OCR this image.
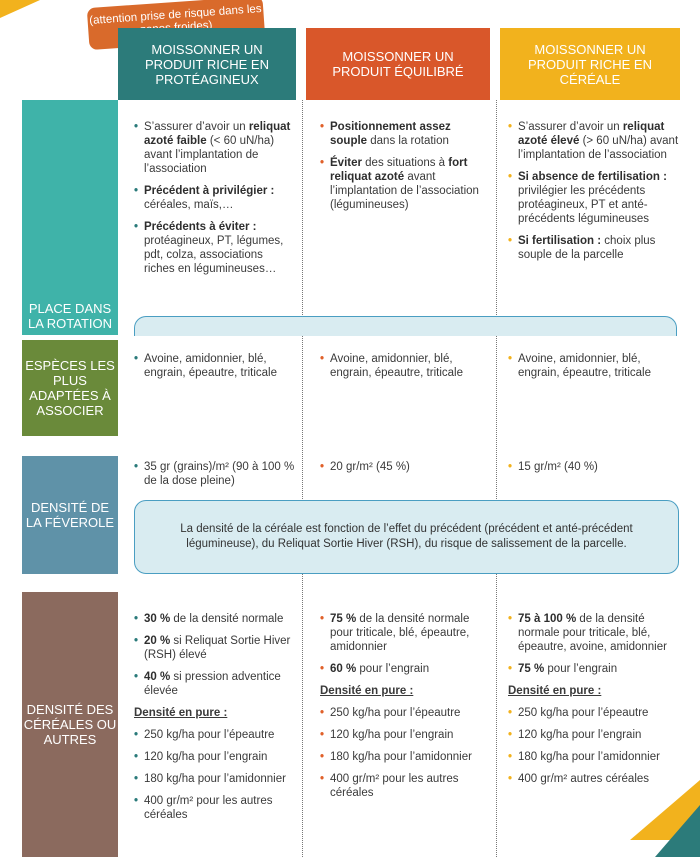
(attention prise de risque dans les froides)
MOISSONNER UN PRODUIT RICHE EN PROTÉAGINEUX
MOISSONNER UN PRODUIT ÉQUILIBRÉ
MOISSONNER UN PRODUIT RICHE EN CÉRÉALE
PLACE DANS LA ROTATION
• S’assurer d’avoir un reliquat azoté faible (< 60 uN/ha) avant l’implantation de l’association
• Précédent à privilégier : céréales, maïs,…
• Précédents à éviter : protéagineux, PT, légumes, pdt, colza, associations riches en légumineuses…
• Positionnement assez souple dans la rotation
• Éviter des situations à fort reliquat azoté avant l’implantation de l’association (légumineuses)
• S’assurer d’avoir un reliquat azoté élevé (> 60 uN/ha) avant l’implantation de l’association
• Si absence de fertilisation : privilégier les précédents protéagineux, PT et anté-précédents légumineuses
• Si fertilisation : choix plus souple de la parcelle
ESPÈCES LES PLUS ADAPTÉES À ASSOCIER
• Avoine, amidonnier, blé, engrain, épeautre, triticale
• Avoine, amidonnier, blé, engrain, épeautre, triticale
• Avoine, amidonnier, blé, engrain, épeautre, triticale
DENSITÉ DE LA FÉVEROLE
• 35 gr (grains)/m² (90 à 100 % de la dose pleine)
• 20 gr/m² (45 %)
•	15 gr/m² (40 %)
La densité de la céréale est fonction de l’effet du précédent (précédent et anté-précédent légumineuse), du Reliquat Sortie Hiver (RSH), du risque de salissement de la parcelle.
DENSITÉ DES CÉRÉALES OU AUTRES
• 30 % de la densité normale
• 20 % si Reliquat Sortie Hiver (RSH) élevé
• 40 % si pression adventice élevée
Densité en pure :
• 250 kg/ha pour l’épeautre
• 120 kg/ha pour l’engrain
• 180 kg/ha pour l’amidonnier
• 400 gr/m² pour les autres céréales
• 75 % de la densité normale pour triticale, blé, épeautre, amidonnier
• 60 % pour l’engrain
Densité en pure :
• 250 kg/ha pour l’épeautre
• 120 kg/ha pour l’engrain
• 180 kg/ha pour l’amidonnier
• 400 gr/m² pour les autres céréales
• 75 à 100 % de la densité normale pour triticale, blé, épeautre, avoine, amidonnier
• 75 % pour l’engrain
Densité en pure :
• 250 kg/ha pour l’épeautre
• 120 kg/ha pour l’engrain
• 180 kg/ha pour l’amidonnier
• 400 gr/m² autres céréales
